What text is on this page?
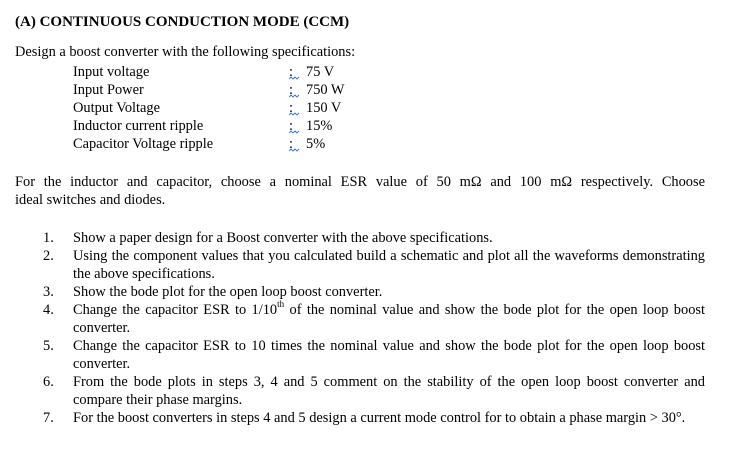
(A) CONTINUOUS CONDUCTION MODE (CCM)
Design a boost converter with the following specifications:
Input voltage	: 75 V
Input Power	: 750 W
Output Voltage	: 150 V
Inductor current ripple	: 15%
Capacitor Voltage ripple	: 5%
For the inductor and capacitor, choose a nominal ESR value of 50 mΩ and 100 mΩ respectively. Choose
ideal switches and diodes.
1. Show a paper design for a Boost converter with the above specifications.
2. Using the component values that you calculated build a schematic and plot all the waveforms demonstrating the above specifications.
3. Show the bode plot for the open loop boost converter.
4. Change the capacitor ESR to 1/10th of the nominal value and show the bode plot for the open loop boost converter.
5. Change the capacitor ESR to 10 times the nominal value and show the bode plot for the open loop boost converter.
6. From the bode plots in steps 3, 4 and 5 comment on the stability of the open loop boost converter and compare their phase margins.
7. For the boost converters in steps 4 and 5 design a current mode control for to obtain a phase margin > 30°.
